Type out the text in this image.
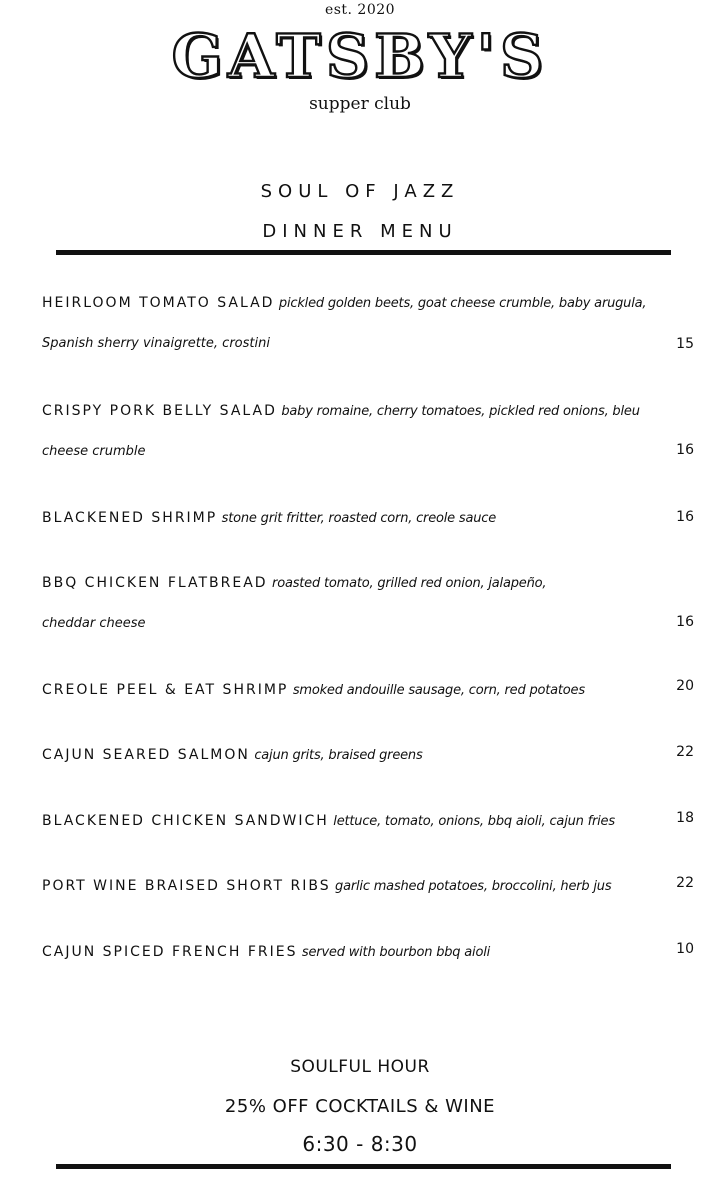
est. 2020
GATSBY'S
supper club
SOUL OF JAZZ
DINNER MENU
HEIRLOOM TOMATO SALAD pickled golden beets, goat cheese crumble, baby arugula,
Spanish sherry vinaigrette, crostini	15
CRISPY PORK BELLY SALAD baby romaine, cherry tomatoes, pickled red onions, bleu
cheese crumble	16
BLACKENED SHRIMP stone grit fritter, roasted corn, creole sauce	16
BBQ CHICKEN FLATBREAD roasted tomato, grilled red onion, jalapeño,
cheddar cheese	16
CREOLE PEEL & EAT SHRIMP smoked andouille sausage, corn, red potatoes	20
CAJUN SEARED SALMON cajun grits, braised greens	22
BLACKENED CHICKEN SANDWICH lettuce, tomato, onions, bbq aioli, cajun fries	18
PORT WINE BRAISED SHORT RIBS garlic mashed potatoes, broccolini, herb jus	22
CAJUN SPICED FRENCH FRIES served with bourbon bbq aioli	10
SOULFUL HOUR
25% OFF COCKTAILS & WINE
6:30 - 8:30
